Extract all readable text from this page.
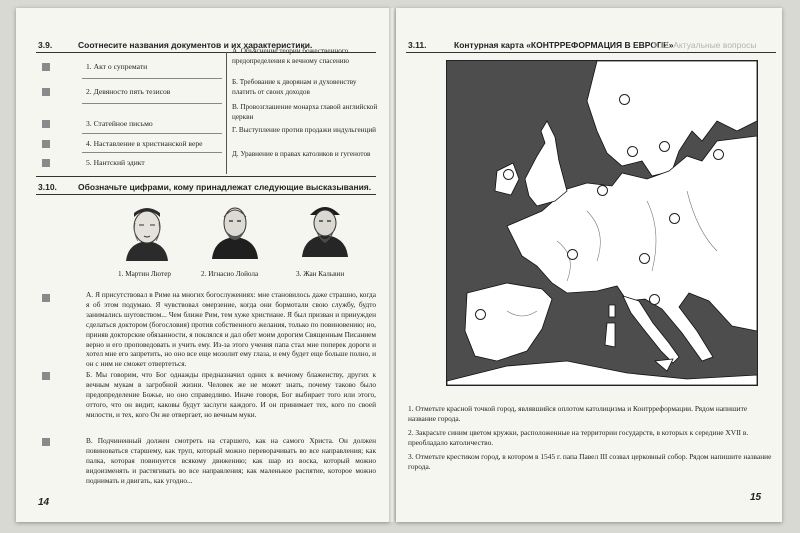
3.9.	Соотнесите названия документов и их характеристики.
1. Акт о супремати
2. Девяносто пять тезисов
3. Статейное письмо
4. Наставление в христианской вере
5. Нантский эдикт
А. Объяснение теории божественного предопределения к вечному спасению
Б. Требование к дворянам и духовенству платить от своих доходов
В. Провозглашение монарха главой английской церкви
Г. Выступление против продажи индульгенций
Д. Уравнение в правах католиков и гугенотов
3.10. Обозначьте цифрами, кому принадлежат следующие высказывания.
1. Мартин Лютер	2. Игнасио Лойола	3. Жан Кальвин
А. Я присутствовал в Риме на многих богослужениях: мне становилось даже страшно, когда я об этом подумаю. Я чувствовал омерзение, когда они бормотали свою службу, будто занимались шутовством... Чем ближе Рим, тем хуже христиане. Я был призван и принужден сделаться доктором (богословия) против собственного желания, только по повиновению; но, приняв докторские обязанности, я поклялся и дал обет моим дорогим Священным Писанием верно и его проповедовать и учить ему. Из-за этого учения папа стал мне поперек дороги и хотел мне его запретить, но оно все еще мозолит ему глаза, и ему будет еще больше полно, и он с ним не сможет отвертеться.
Б. Мы говорим, что Бог однажды предназначил одних к вечному блаженству, других к вечным мукам в загробной жизни. Человек же не может знать, почему таково было предопределение Божье, но оно справедливо. Иначе говоря, Бог выбирает того или этого, оттого, что он видит, каковы будут заслуги каждого. И он принимает тех, кого по своей милости, и тех, кого Он же отвергает, но вечным муки.
В. Подчиненный должен смотреть на старшего, как на самого Христа. Он должен повиноваться старшему, как труп, который можно переворачивать во все направления; как палка, которая повинуется всякому движению; как шар из воска, который можно видоизменять и растягивать во все направления; как маленькое распятие, которое можно поднимать и двигать, как угодно...
14
3.11.	Контурная карта «КОНТРРЕФОРМАЦИЯ В ЕВРОПЕ»
3.12. Актуальные вопросы
1. Отметьте красной точкой город, являвшийся оплотом католицизма и Контрреформации. Рядом напишите название города.
2. Закрасьте синим цветом кружки, расположенные на территории государств, в которых к середине XVII в. преобладало католичество.
3. Отметьте крестиком город, в котором в 1545 г. папа Павел III созвал церковный собор. Рядом напишите название города.
15
